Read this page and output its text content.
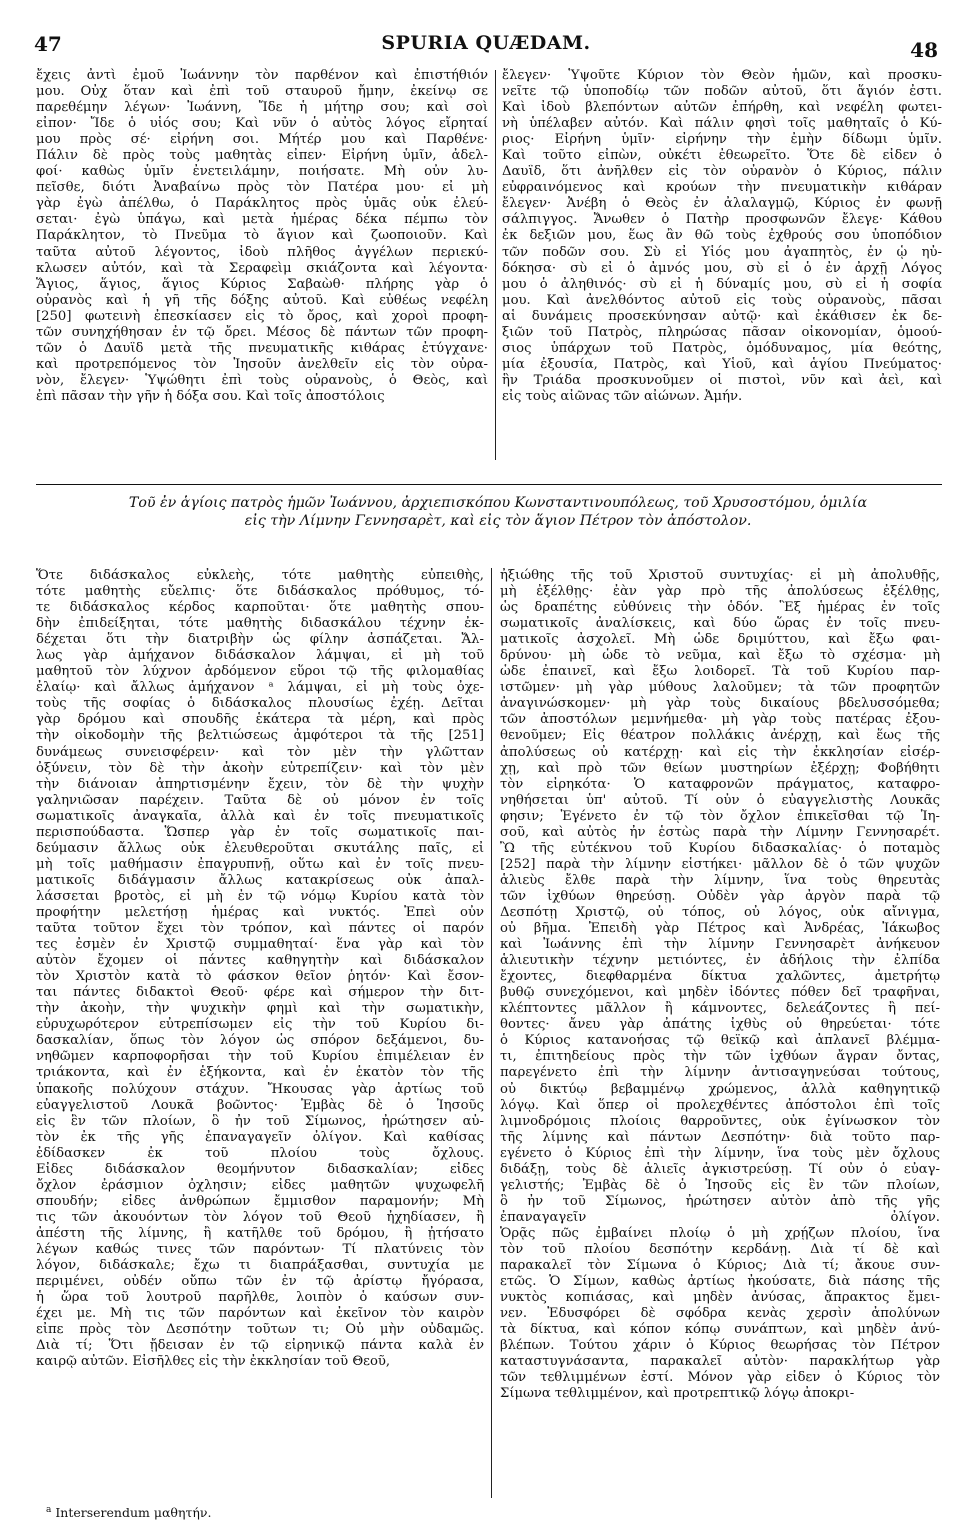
47	SPURIA QUÆDAM.	48
ἔχεις ἀντὶ ἐμοῦ Ἰωάννην τὸν παρθένον καὶ ἐπιστήθιόν
μου. Οὐχ ὅταν καὶ ἐπὶ τοῦ σταυροῦ ἤμην, ἐκείνῳ σε
παρεθέμην λέγων· Ἰωάννη, Ἴδε ἡ μήτηρ σου; καὶ σοὶ
εἶπον· Ἴδε ὁ υἱός σου; Καὶ νῦν ὁ αὐτὸς λόγος εἴρηταί
μου πρὸς σέ· εἰρήνη σοι. Μήτέρ μου καὶ Παρθένε·
Πάλιν δὲ πρὸς τοὺς μαθητὰς εἶπεν· Εἰρήνη ὑμῖν, ἀδελ-
φοί· καθὼς ὑμῖν ἐνετειλάμην, ποιήσατε. Μὴ οὖν λυ-
πεῖσθε, διότι Ἀναβαίνω πρὸς τὸν Πατέρα μου· εἰ μὴ
γὰρ ἐγὼ ἀπέλθω, ὁ Παράκλητος πρὸς ὑμᾶς οὐκ ἐλεύ-
σεται· ἐγὼ ὑπάγω, καὶ μετὰ ἡμέρας δέκα πέμπω τὸν
Παράκλητον, τὸ Πνεῦμα τὸ ἅγιον καὶ ζωοποιοῦν. Καὶ
ταῦτα αὐτοῦ λέγοντος, ἰδοὺ πλῆθος ἀγγέλων περιεκύ-
κλωσεν αὐτόν, καὶ τὰ Σεραφεὶμ σκιάζοντα καὶ λέγοντα·
Ἅγιος, ἅγιος, ἅγιος Κύριος Σαβαὼθ· πλήρης γὰρ ὁ
οὐρανὸς καὶ ἡ γῆ τῆς δόξης αὐτοῦ. Καὶ εὐθέως νεφέλη
[250] φωτεινὴ ἐπεσκίασεν εἰς τὸ ὄρος, καὶ χοροὶ προφη-
τῶν συνηχήθησαν ἐν τῷ ὄρει. Μέσος δὲ πάντων τῶν προφη-
τῶν ὁ Δαυῒδ μετὰ τῆς πνευματικῆς κιθάρας ἐτύγχανε·
καὶ προτρεπόμενος τὸν Ἰησοῦν ἀνελθεῖν εἰς τὸν οὐρα-
νὸν, ἔλεγεν· Ὑψώθητι ἐπὶ τοὺς οὐρανοὺς, ὁ Θεὸς, καὶ
ἐπὶ πᾶσαν τὴν γῆν ἡ δόξα σου. Καὶ τοῖς ἀποστόλοις
ἔλεγεν· Ὑψοῦτε Κύριον τὸν Θεὸν ἡμῶν, καὶ προσκυ-
νεῖτε τῷ ὑποποδίῳ τῶν ποδῶν αὐτοῦ, ὅτι ἅγιόν ἐστι.
Καὶ ἰδοὺ βλεπόντων αὐτῶν ἐπήρθη, καὶ νεφέλη φωτει-
νὴ ὑπέλαβεν αὐτόν. Καὶ πάλιν φησὶ τοῖς μαθηταῖς ὁ Κύ-
ριος· Εἰρήνη ὑμῖν· εἰρήνην τὴν ἐμὴν δίδωμι ὑμῖν.
Καὶ τοῦτο εἰπὼν, οὐκέτι ἐθεωρεῖτο. Ὅτε δὲ εἶδεν ὁ
Δαυῒδ, ὅτι ἀνῆλθεν εἰς τὸν οὐρανὸν ὁ Κύριος, πάλιν
εὐφραινόμενος καὶ κρούων τὴν πνευματικὴν κιθάραν
ἔλεγεν· Ἀνέβη ὁ Θεὸς ἐν ἀλαλαγμῷ, Κύριος ἐν φωνῇ
σάλπιγγος. Ἄνωθεν ὁ Πατὴρ προσφωνῶν ἔλεγε· Κάθου
ἐκ δεξιῶν μου, ἕως ἂν θῶ τοὺς ἐχθρούς σου ὑποπόδιον
τῶν ποδῶν σου. Σὺ εἶ Υἱός μου ἀγαπητὸς, ἐν ᾧ ηὐ-
δόκησα· σὺ εἶ ὁ ἀμνός μου, σὺ εἶ ὁ ἐν ἀρχῇ Λόγος
μου ὁ ἀληθινός· σὺ εἶ ἡ δύναμίς μου, σὺ εἶ ἡ σοφία
μου. Καὶ ἀνελθόντος αὐτοῦ εἰς τοὺς οὐρανοὺς, πᾶσαι
αἱ δυνάμεις προσεκύνησαν αὐτῷ· καὶ ἐκάθισεν ἐκ δε-
ξιῶν τοῦ Πατρὸς, πληρώσας πᾶσαν οἰκονομίαν, ὁμοού-
σιος ὑπάρχων τοῦ Πατρὸς, ὁμόδυναμος, μία θεότης,
μία ἐξουσία, Πατρὸς, καὶ Υἱοῦ, καὶ ἁγίου Πνεύματος·
ἣν Τριάδα προσκυνοῦμεν οἱ πιστοὶ, νῦν καὶ ἀεὶ, καὶ
εἰς τοὺς αἰῶνας τῶν αἰώνων. Ἀμήν.
Τοῦ ἐν ἁγίοις πατρὸς ἡμῶν Ἰωάννου, ἀρχιεπισκόπου Κωνσταντινουπόλεως, τοῦ Χρυσοστόμου, ὁμιλία
εἰς τὴν Λίμνην Γεννησαρὲτ, καὶ εἰς τὸν ἅγιον Πέτρον τὸν ἀπόστολον.
Ὅτε διδάσκαλος εὐκλεὴς, τότε μαθητὴς εὐπειθὴς,
τότε μαθητὴς εὔελπις· ὅτε διδάσκαλος πρόθυμος, τό-
τε διδάσκαλος κέρδος καρποῦται· ὅτε μαθητὴς σπου-
δὴν ἐπιδείξηται, τότε μαθητὴς διδασκάλου τέχνην ἐκ-
δέχεται ὅτι τὴν διατριβὴν ὡς φίλην ἀσπάζεται. Ἄλ-
λως γὰρ ἀμήχανον διδάσκαλον λάμψαι, εἰ μὴ τοῦ
μαθητοῦ τὸν λύχνον ἀρδόμενον εὕροι τῷ τῆς φιλομαθίας
ἐλαίῳ· καὶ ἄλλως ἀμήχανον ᵃ λάμψαι, εἰ μὴ τοὺς ὀχε-
τοὺς τῆς σοφίας ὁ διδάσκαλος πλουσίως ἐχέῃ. Δεῖται
γὰρ δρόμου καὶ σπουδῆς ἑκάτερα τὰ μέρη, καὶ πρὸς
τὴν οἰκοδομὴν τῆς βελτιώσεως ἀμφότεροι τὰ τῆς [251]
δυνάμεως συνεισφέρειν· καὶ τὸν μὲν τὴν γλῶτταν
ὀξύνειν, τὸν δὲ τὴν ἀκοὴν εὐτρεπίζειν· καὶ τὸν μὲν
τὴν διάνοιαν ἀπηρτισμένην ἔχειν, τὸν δὲ τὴν ψυχὴν
γαληνιῶσαν παρέχειν. Ταῦτα δὲ οὐ μόνον ἐν τοῖς
σωματικοῖς ἀναγκαῖα, ἀλλὰ καὶ ἐν τοῖς πνευματικοῖς
περισπούδαστα. Ὥσπερ γὰρ ἐν τοῖς σωματικοῖς παι-
δεύμασιν ἄλλως οὐκ ἐλευθεροῦται σκυτάλης παῖς, εἰ
μὴ τοῖς μαθήμασιν ἐπαγρυπνῇ, οὕτω καὶ ἐν τοῖς πνευ-
ματικοῖς διδάγμασιν ἄλλως κατακρίσεως οὐκ ἀπαλ-
λάσσεται βροτὸς, εἰ μὴ ἐν τῷ νόμῳ Κυρίου κατὰ τὸν
προφήτην μελετήσῃ ἡμέρας καὶ νυκτός. Ἐπεὶ οὖν
ταῦτα τοῦτον ἔχει τὸν τρόπον, καὶ πάντες οἱ παρόν
τες ἐσμὲν ἐν Χριστῷ συμμαθηταί· ἕνα γὰρ καὶ τὸν
αὐτὸν ἔχομεν οἱ πάντες καθηγητὴν καὶ διδάσκαλον
τὸν Χριστὸν κατὰ τὸ φάσκον θεῖον ῥητόν· Καὶ ἔσον-
ται πάντες διδακτοὶ Θεοῦ· φέρε καὶ σήμερον τὴν διτ-
τὴν ἀκοὴν, τὴν ψυχικὴν φημὶ καὶ τὴν σωματικὴν,
εὐρυχωρότερον εὐτρεπίσωμεν εἰς τὴν τοῦ Κυρίου δι-
δασκαλίαν, ὅπως τὸν λόγον ὡς σπόρον δεξάμενοι, δυ-
νηθῶμεν καρποφορῆσαι τὴν τοῦ Κυρίου ἐπιμέλειαν ἐν
τριάκοντα, καὶ ἐν ἑξήκοντα, καὶ ἐν ἑκατὸν τὸν τῆς
ὑπακοῆς πολύχουν στάχυν. Ἤκουσας γὰρ ἀρτίως τοῦ
εὐαγγελιστοῦ Λουκᾶ βοῶντος· Ἐμβὰς δὲ ὁ Ἰησοῦς
εἰς ἓν τῶν πλοίων, ὃ ἦν τοῦ Σίμωνος, ἠρώτησεν αὐ-
τὸν ἐκ τῆς γῆς ἐπαναγαγεῖν ὀλίγον. Καὶ καθίσας
ἐδίδασκεν ἐκ τοῦ πλοίου τοὺς ὄχλους.
Εἶδες διδάσκαλον θεομήνυτον διδασκαλίαν; εἶδες
ὄχλον ἐράσμιον ὀχλησιν; εἶδες μαθητῶν ψυχωφελῆ
σπουδήν; εἶδες ἀνθρώπων ἔμμισθον παραμονήν; Μὴ
τις τῶν ἀκουόντων τὸν λόγον τοῦ Θεοῦ ἠχηδίασεν, ἢ
ἀπέστη τῆς λίμνης, ἢ κατῆλθε τοῦ δρόμου, ἢ ᾐτήσατο
λέγων καθώς τινες τῶν παρόντων· Τί πλατύνεις τὸν
λόγον, διδάσκαλε; ἔχω τι διαπράξασθαι, συντυχία με
περιμένει, οὐδέν οὔπω τῶν ἐν τῷ ἀρίστῳ ἤγόρασα,
ἡ ὥρα τοῦ λουτροῦ παρῆλθε, λοιπὸν ὁ καύσων συν-
έχει με. Μὴ τις τῶν παρόντων καὶ ἐκεῖνον τὸν καιρὸν
εἶπε πρὸς τὸν Δεσπότην τοῦτων τι; Οὐ μὴν οὐδαμῶς.
Διὰ τί; Ὅτι ᾔδεισαν ἐν τῷ εἰρηνικῷ πάντα καλὰ ἐν
καιρῷ αὐτῶν. Εἰσῆλθες εἰς τὴν ἐκκλησίαν τοῦ Θεοῦ,
ἠξιώθης τῆς τοῦ Χριστοῦ συντυχίας· εἰ μὴ ἀπολυθῇς,
μὴ ἐξέλθῃς· ἐὰν γὰρ πρὸ τῆς ἀπολύσεως ἐξέλθῃς,
ὡς δραπέτης εὐθύνεις τὴν ὁδόν. Ἓξ ἡμέρας ἐν τοῖς
σωματικοῖς ἀναλίσκεις, καὶ δύο ὥρας ἐν τοῖς πνευ-
ματικοῖς ἀσχολεῖ. Μὴ ὧδε δριμύττου, καὶ ἔξω φαι-
δρύνου· μὴ ὧδε τὸ νεῦμα, καὶ ἔξω τὸ σχέσμα· μὴ
ὧδε ἐπαινεῖ, καὶ ἔξω λοιδορεῖ. Τὰ τοῦ Κυρίου παρ-
ιστῶμεν· μὴ γὰρ μύθους λαλοῦμεν; τὰ τῶν προφητῶν
ἀναγινώσκομεν· μὴ γὰρ τοὺς δικαίους βδελυσσόμεθα;
τῶν ἀποστόλων μεμνήμεθα· μὴ γὰρ τοὺς πατέρας ἐξου-
θενοῦμεν; Εἰς θέατρον πολλάκις ἀνέρχῃ, καὶ ἕως τῆς
ἀπολύσεως οὐ κατέρχῃ· καὶ εἰς τὴν ἐκκλησίαν εἰσέρ-
χῃ, καὶ πρὸ τῶν θείων μυστηρίων ἐξέρχῃ; Φοβήθητι
τὸν εἰρηκότα· Ὁ καταφρονῶν πράγματος, καταφρο-
νηθήσεται ὑπ' αὐτοῦ. Τί οὖν ὁ εὐαγγελιστὴς Λουκᾶς
φησιν; Ἐγένετο ἐν τῷ τὸν ὄχλον ἐπικεῖσθαι τῷ Ἰη-
σοῦ, καὶ αὐτὸς ἦν ἑστὼς παρὰ τὴν Λίμνην Γεννησαρέτ.
Ὢ τῆς εὐτέκνου τοῦ Κυρίου διδασκαλίας· ὁ ποταμὸς
[252] παρὰ τὴν λίμνην εἱστήκει· μᾶλλον δὲ ὁ τῶν ψυχῶν
ἁλιεὺς ἔλθε παρὰ τὴν λίμνην, ἵνα τοὺς θηρευτὰς
τῶν ἰχθύων θηρεύσῃ. Οὐδὲν γὰρ ἀργὸν παρὰ τῷ
Δεσπότῃ Χριστῷ, οὐ τόπος, οὐ λόγος, οὐκ αἴνιγμα,
οὐ βῆμα. Ἐπειδὴ γὰρ Πέτρος καὶ Ἀνδρέας, Ἰάκωβος
καὶ Ἰωάννης ἐπὶ τὴν λίμνην Γεννησαρὲτ ἀνήκευον
ἁλιευτικὴν τέχνην μετιόντες, ἐν ἀδήλοις τὴν ἐλπίδα
ἔχοντες, διεφθαρμένα δίκτυα χαλῶντες, ἀμετρήτῳ
βυθῷ συνεχόμενοι, καὶ μηδὲν ἰδόντες πόθεν δεῖ τραφῆναι,
κλέπτοντες μᾶλλον ἢ κάμνοντες, δελεάζοντες ἢ πεί-
θοντες· ἄνευ γὰρ ἀπάτης ἰχθὺς οὐ θηρεύεται· τότε
ὁ Κύριος κατανοήσας τῷ θεϊκῷ καὶ ἀπλανεῖ βλέμμα-
τι, ἐπιτηδείους πρὸς τὴν τῶν ἰχθύων ἄγραν ὄντας,
παρεγένετο ἐπὶ τὴν λίμνην ἀντισαγηνεύσαι τούτους,
οὐ δικτύῳ βεβαμμένῳ χρώμενος, ἀλλὰ καθηγητικῷ
λόγῳ. Καὶ ὅπερ οἱ προλεχθέντες ἀπόστολοι ἐπὶ τοῖς
λιμνοδρόμοις πλοίοις θαρροῦντες, οὐκ ἐγίνωσκον τὸν
τῆς λίμνης καὶ πάντων Δεσπότην· διὰ τοῦτο παρ-
εγένετο ὁ Κύριος ἐπὶ τὴν λίμνην, ἵνα τοὺς μὲν ὄχλους
διδάξῃ, τοὺς δὲ ἁλιεῖς ἀγκιστρεύσῃ. Τί οὖν ὁ εὐαγ-
γελιστής; Ἐμβὰς δὲ ὁ Ἰησοῦς εἰς ἓν τῶν πλοίων,
ὃ ἦν τοῦ Σίμωνος, ἠρώτησεν αὐτὸν ἀπὸ τῆς γῆς
ἐπαναγαγεῖν ὀλίγον.
Ὁρᾷς πῶς ἐμβαίνει πλοίῳ ὁ μὴ χρῄζων πλοίου, ἵνα
τὸν τοῦ πλοίου δεσπότην κερδάνῃ. Διὰ τί δὲ καὶ
παρακαλεῖ τὸν Σίμωνα ὁ Κύριος; Διὰ τί; ἄκουε συν-
ετῶς. Ὁ Σίμων, καθὼς ἀρτίως ἠκούσατε, διὰ πάσης τῆς
νυκτὸς κοπιάσας, καὶ μηδὲν ἀνύσας, ἄπρακτος ἔμει-
νεν. Ἐδυσφόρει δὲ σφόδρα κενὰς χερσὶν ἀπολύνων
τὰ δίκτυα, καὶ κόπον κόπῳ συνάπτων, καὶ μηδὲν ἀνύ-
βλέπων. Τούτου χάριν ὁ Κύριος θεωρήσας τὸν Πέτρον
καταστυγνάσαντα, παρακαλεῖ αὐτὸν· παρακλήτωρ γὰρ
τῶν τεθλιμμένων ἐστί. Μόνον γὰρ εἶδεν ὁ Κύριος τὸν
Σίμωνα τεθλιμμένον, καὶ προτρεπτικῷ λόγῳ ἀποκρι-
$^a$ Interserendum μαθητήν.
